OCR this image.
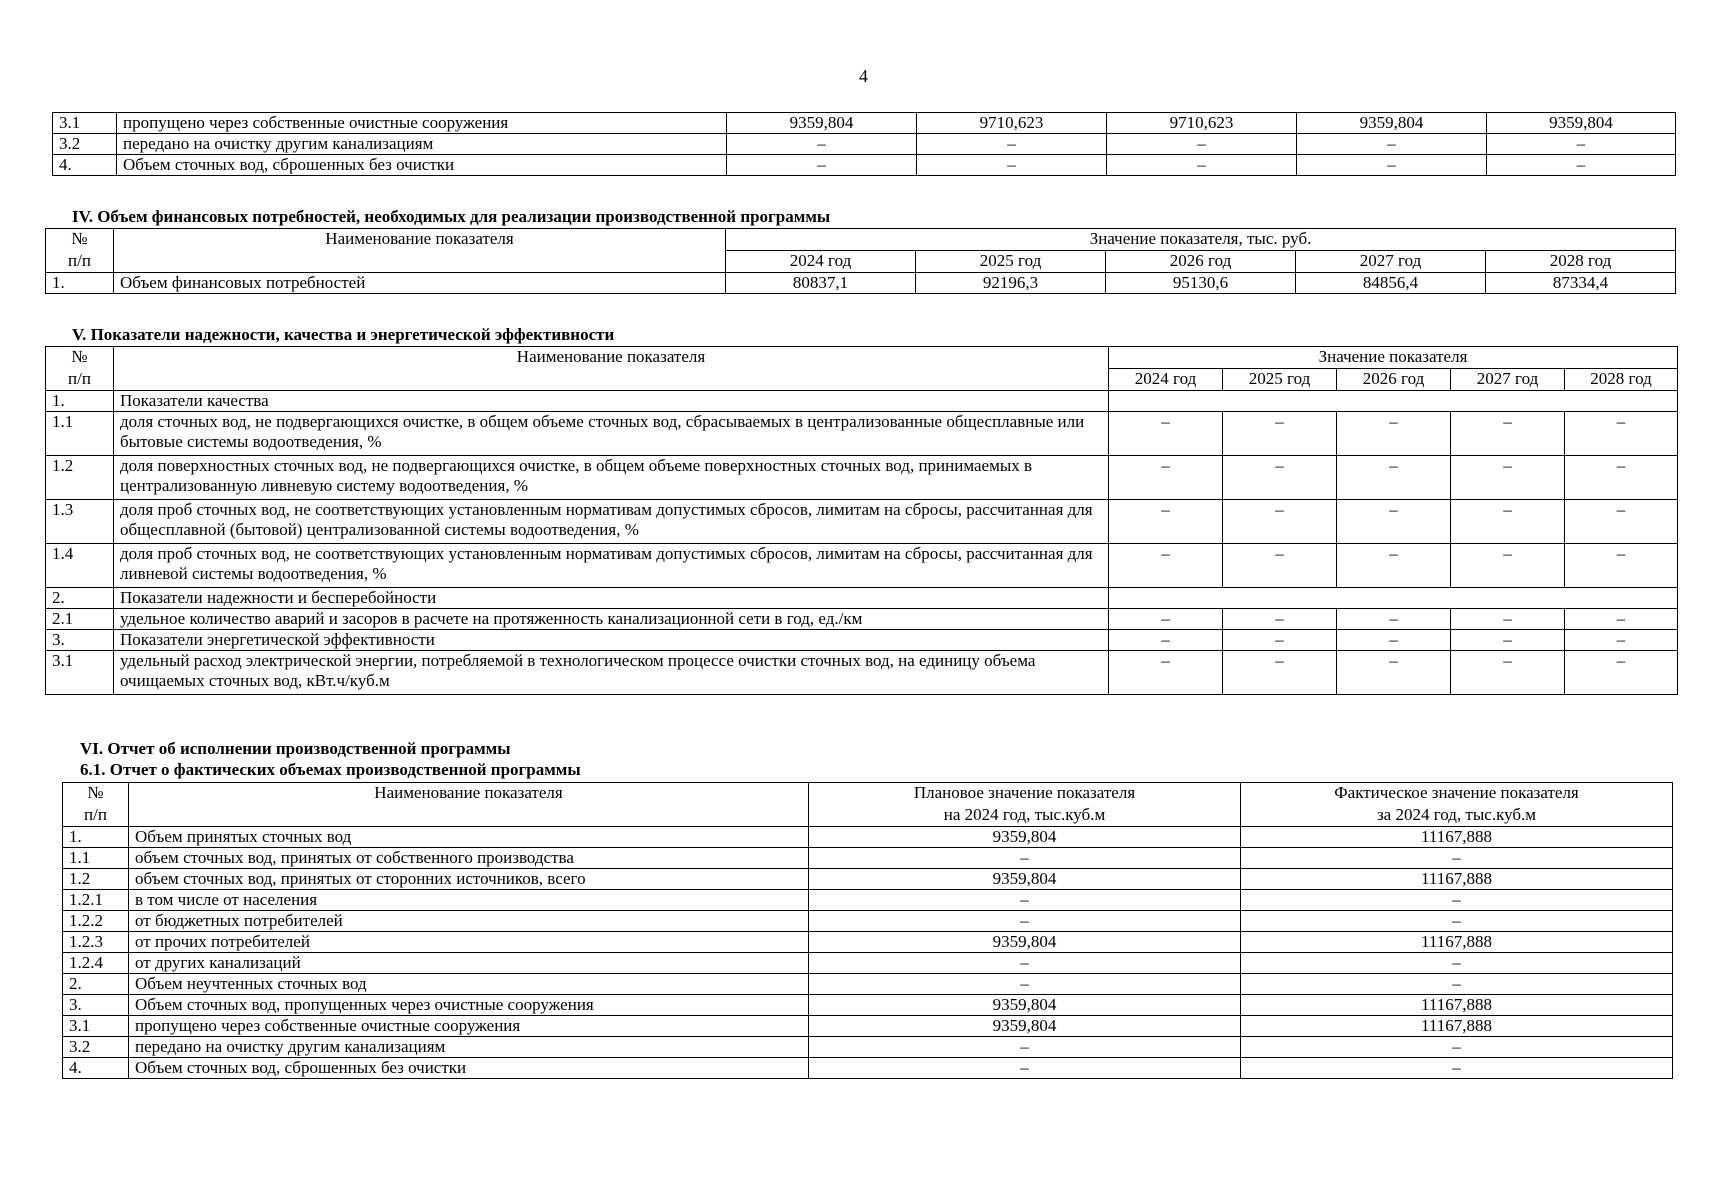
4
3.1	пропущено через собственные очистные сооружения	9359,804	9710,623	9710,623	9359,804	9359,804
3.2	передано на очистку другим канализациям	–	–	–	–	–
4.	Объем сточных вод, сброшенных без очистки	–	–	–	–	–
IV. Объем финансовых потребностей, необходимых для реализации производственной программы
№	Наименование показателя	Значение показателя, тыс. руб.				
п/п		2024 год	2025 год	2026 год	2027 год	2028 год
1.	Объем финансовых потребностей	80837,1	92196,3	95130,6	84856,4	87334,4
V. Показатели надежности, качества и энергетической эффективности
№	Наименование показателя	Значение показателя				
п/п		2024 год	2025 год	2026 год	2027 год	2028 год
1.	Показатели качества					
1.1	доля сточных вод, не подвергающихся очистке, в общем объеме сточных вод, сбрасываемых в централизованные общесплавные или бытовые системы водоотведения, %	–	–	–	–	–
1.2	доля поверхностных сточных вод, не подвергающихся очистке, в общем объеме поверхностных сточных вод, принимаемых в централизованную ливневую систему водоотведения, %	–	–	–	–	–
1.3	доля проб сточных вод, не соответствующих установленным нормативам допустимых сбросов, лимитам на сбросы, рассчитанная для общесплавной (бытовой) централизованной системы водоотведения, %	–	–	–	–	–
1.4	доля проб сточных вод, не соответствующих установленным нормативам допустимых сбросов, лимитам на сбросы, рассчитанная для ливневой системы водоотведения, %	–	–	–	–	–
2.	Показатели надежности и бесперебойности					
2.1	удельное количество аварий и засоров в расчете на протяженность канализационной сети в год, ед./км	–	–	–	–	–
3.	Показатели энергетической эффективности	–	–	–	–	–
3.1	удельный расход электрической энергии, потребляемой в технологическом процессе очистки сточных вод, на единицу объема очищаемых сточных вод, кВт.ч/куб.м	–	–	–	–	–
VI. Отчет об исполнении производственной программы
6.1. Отчет о фактических объемах производственной программы
№	Наименование показателя	Плановое значение показателя	Фактическое значение показателя
п/п		на 2024 год, тыс.куб.м	за 2024 год, тыс.куб.м
1.	Объем принятых сточных вод	9359,804	11167,888
1.1	объем сточных вод, принятых от собственного производства	–	–
1.2	объем сточных вод, принятых от сторонних источников, всего	9359,804	11167,888
1.2.1	в том числе от населения	–	–
1.2.2	от бюджетных потребителей	–	–
1.2.3	от прочих потребителей	9359,804	11167,888
1.2.4	от других канализаций	–	–
2.	Объем неучтенных сточных вод	–	–
3.	Объем сточных вод, пропущенных через очистные сооружения	9359,804	11167,888
3.1	пропущено через собственные очистные сооружения	9359,804	11167,888
3.2	передано на очистку другим канализациям	–	–
4.	Объем сточных вод, сброшенных без очистки	–	–
